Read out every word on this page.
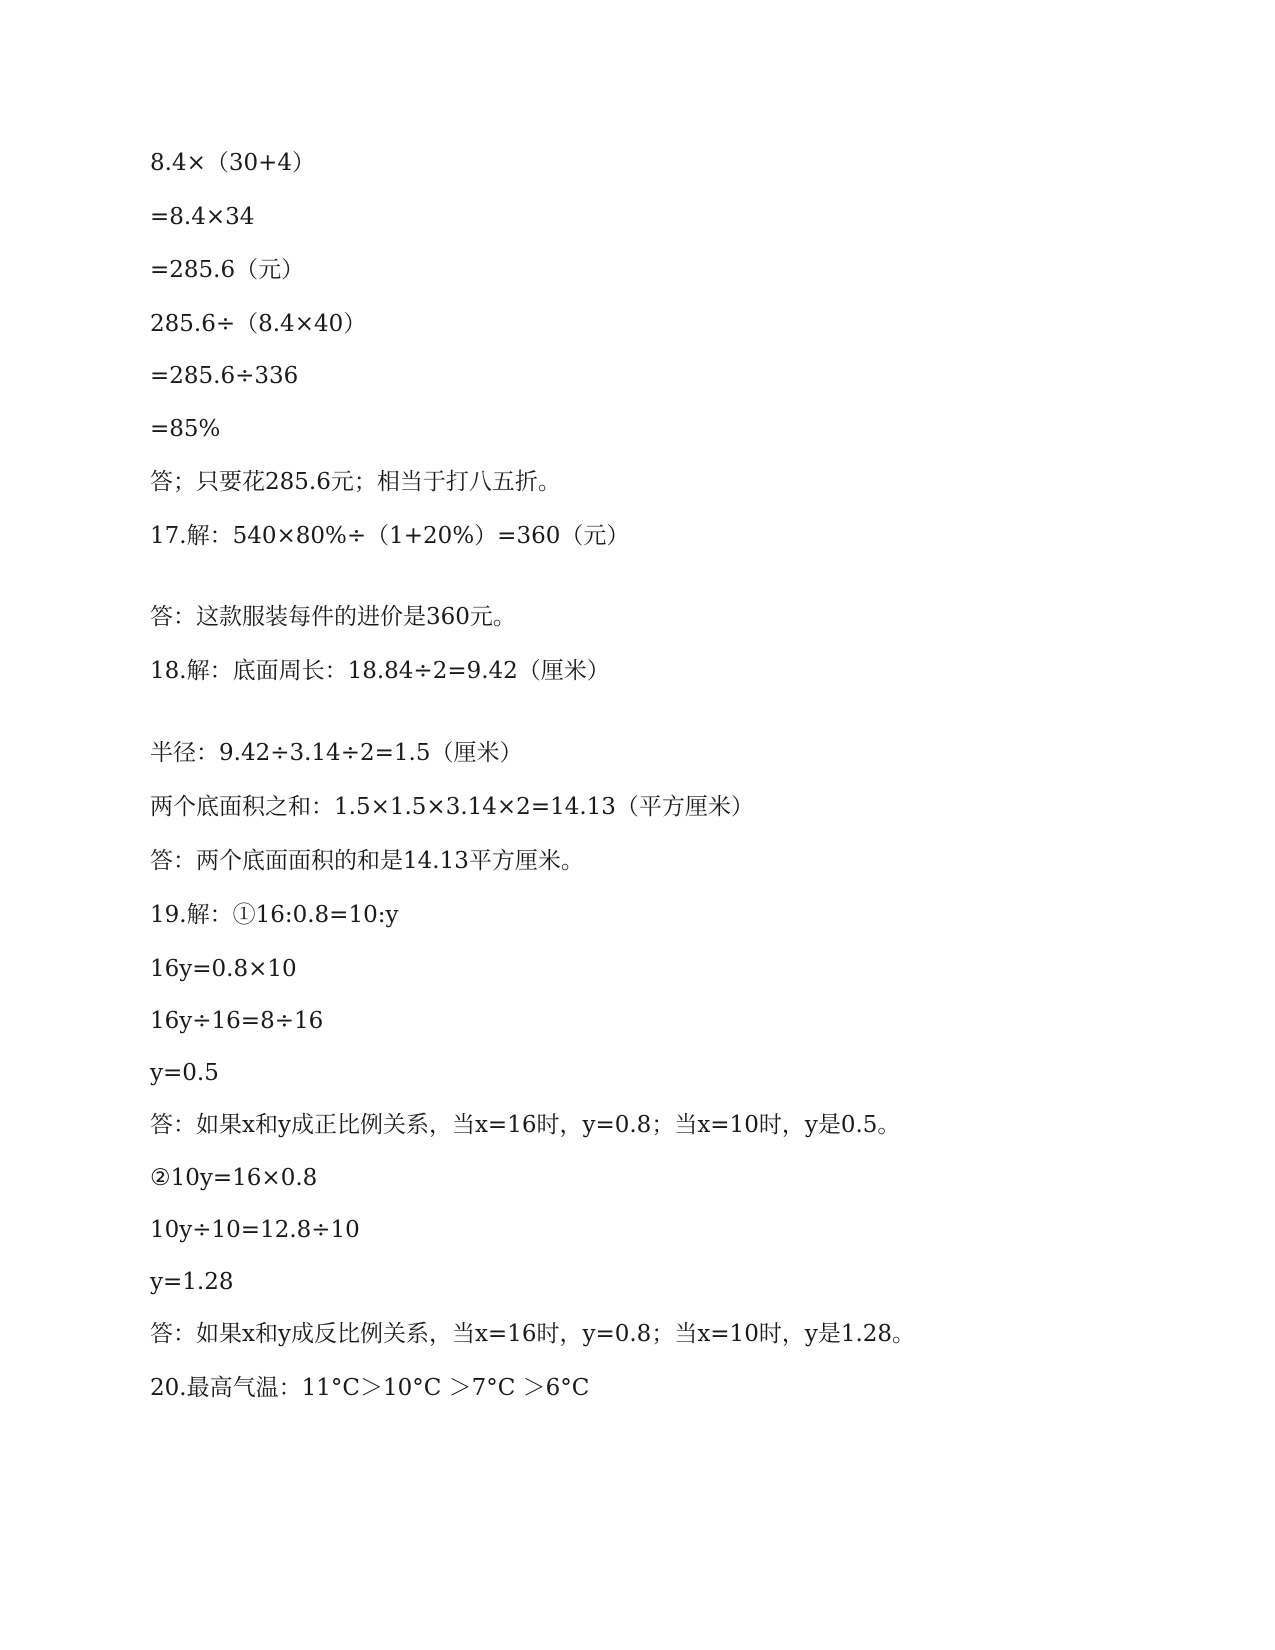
8.4×（30+4）
=8.4×34
=285.6（元）
285.6÷（8.4×40）
=285.6÷336
=85%
答；只要花285.6元；相当于打八五折。
17.解：540×80%÷（1+20%）=360（元）
答：这款服装每件的进价是360元。
18.解：底面周长：18.84÷2=9.42（厘米）
半径：9.42÷3.14÷2=1.5（厘米）
两个底面积之和：1.5×1.5×3.14×2=14.13（平方厘米）
答：两个底面面积的和是14.13平方厘米。
19.解：①16:0.8=10:y
16y=0.8×10
16y÷16=8÷16
y=0.5
答：如果x和y成正比例关系，当x=16时，y=0.8；当x=10时，y是0.5。
②10y=16×0.8
10y÷10=12.8÷10
y=1.28
答：如果x和y成反比例关系，当x=16时，y=0.8；当x=10时，y是1.28。
20.最高气温：11°C＞10°C ＞7°C ＞6°C
